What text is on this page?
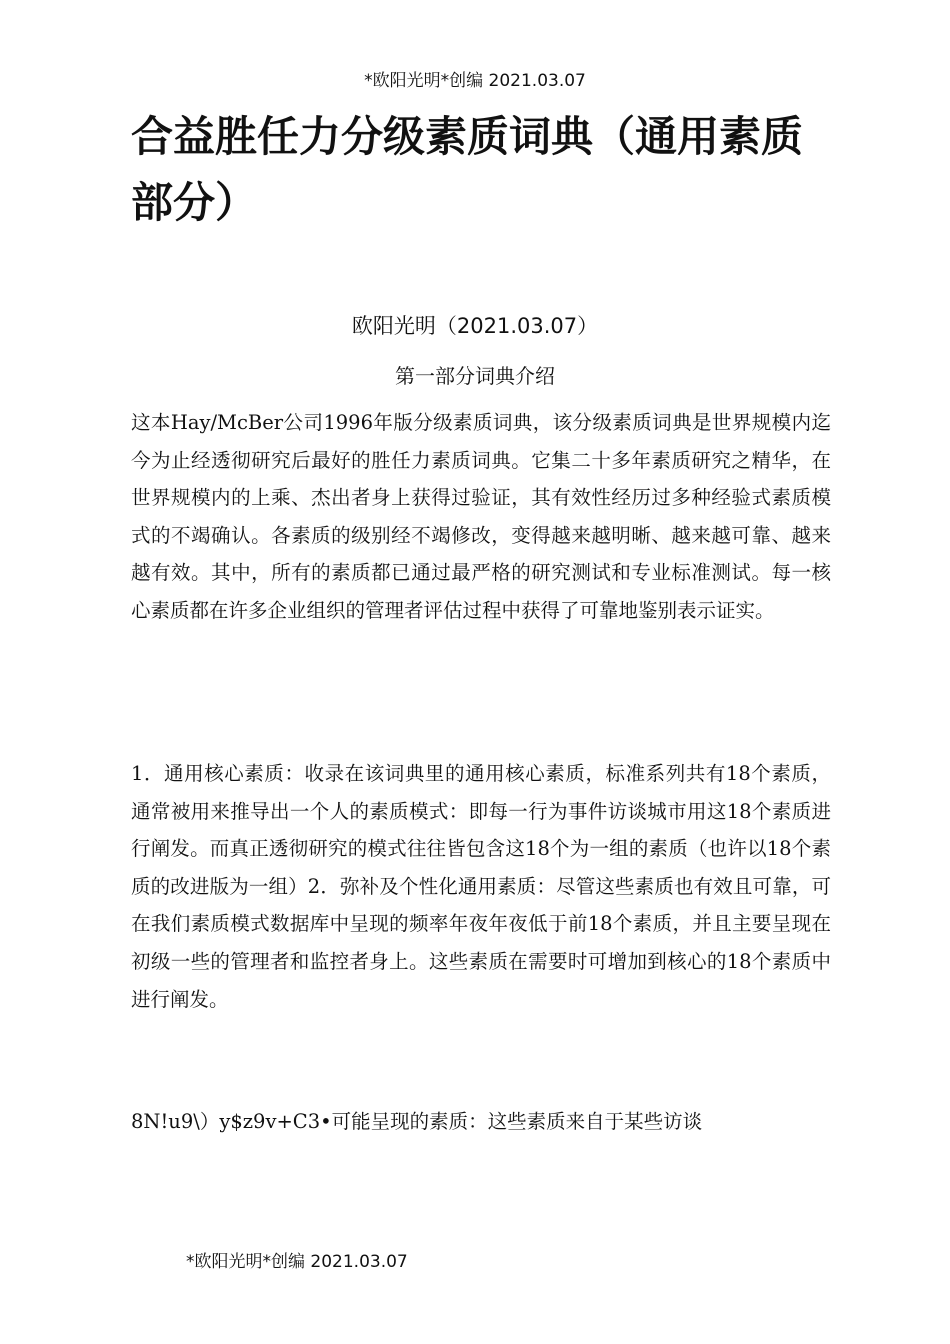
*欧阳光明*创编 2021.03.07
合益胜任力分级素质词典（通用素质部分）
欧阳光明（2021.03.07）
第一部分词典介绍

这本Hay/McBer公司1996年版分级素质词典，该分级素质词典是世界规模内迄今为止经透彻研究后最好的胜任力素质词典。它集二十多年素质研究之精华，在世界规模内的上乘、杰出者身上获得过验证，其有效性经历过多种经验式素质模式的不竭确认。各素质的级别经不竭修改，变得越来越明晰、越来越可靠、越来越有效。其中，所有的素质都已通过最严格的研究测试和专业标准测试。每一核心素质都在许多企业组织的管理者评估过程中获得了可靠地鉴别表示证实。

1．通用核心素质：收录在该词典里的通用核心素质，标准系列共有18个素质，通常被用来推导出一个人的素质模式：即每一行为事件访谈城市用这18个素质进行阐发。而真正透彻研究的模式往往皆包含这18个为一组的素质（也许以18个素质的改进版为一组）2．弥补及个性化通用素质：尽管这些素质也有效且可靠，可在我们素质模式数据库中呈现的频率年夜年夜低于前18个素质，并且主要呈现在初级一些的管理者和监控者身上。这些素质在需要时可增加到核心的18个素质中进行阐发。

8N!u9\）y$z9v+C3•可能呈现的素质：这些素质来自于某些访谈

*欧阳光明*创编 2021.03.07
